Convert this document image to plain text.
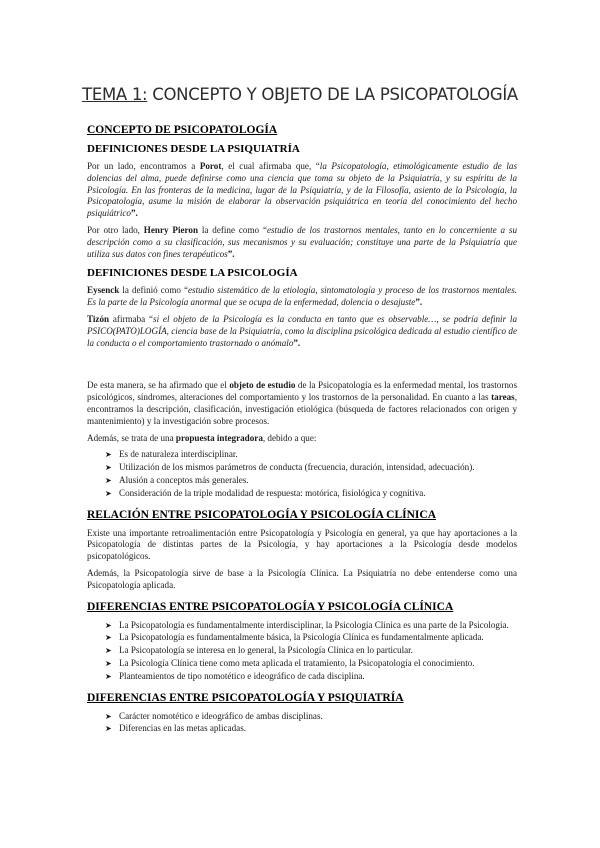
TEMA 1: CONCEPTO Y OBJETO DE LA PSICOPATOLOGÍA
CONCEPTO DE PSICOPATOLOGÍA
DEFINICIONES DESDE LA PSIQUIATRÍA

Por un lado, encontramos a Porot, el cual afirmaba que, “la Psicopatología, etimológicamente estudio de las dolencias del alma, puede definirse como una ciencia que toma su objeto de la Psiquiatría, y su espíritu de la Psicología. En las fronteras de la medicina, lugar de la Psiquiatría, y de la Filosofía, asiento de la Psicología, la Psicopatología, asume la misión de elaborar la observación psiquiátrica en teoría del conocimiento del hecho psiquiátrico”.

Por otro lado, Henry Pieron la define como “estudio de los trastornos mentales, tanto en lo concerniente a su descripción como a su clasificación, sus mecanismos y su evaluación; constituye una parte de la Psiquiatría que utiliza sus datos con fines terapéuticos”.

DEFINICIONES DESDE LA PSICOLOGÍA

Eysenck la definió como “estudio sistemático de la etiología, sintomatología y proceso de los trastornos mentales. Es la parte de la Psicología anormal que se ocupa de la enfermedad, dolencia o desajuste”.

Tizón afirmaba “si el objeto de la Psicología es la conducta en tanto que es observable…, se podría definir la PSICO(PATO)LOGÍA, ciencia base de la Psiquiatría, como la disciplina psicológica dedicada al estudio científico de la conducta o el comportamiento trastornado o anómalo”.

De esta manera, se ha afirmado que el objeto de estudio de la Psicopatología es la enfermedad mental, los trastornos psicológicos, síndromes, alteraciones del comportamiento y los trastornos de la personalidad. En cuanto a las tareas, encontramos la descripción, clasificación, investigación etiológica (búsqueda de factores relacionados con origen y mantenimiento) y la investigación sobre procesos.

Además, se trata de una propuesta integradora, debido a que:

➤ Es de naturaleza interdisciplinar.
➤ Utilización de los mismos parámetros de conducta (frecuencia, duración, intensidad, adecuación).
➤ Alusión a conceptos más generales.
➤ Consideración de la triple modalidad de respuesta: motórica, fisiológica y cognitiva.
RELACIÓN ENTRE PSICOPATOLOGÍA Y PSICOLOGÍA CLÍNICA

Existe una importante retroalimentación entre Psicopatología y Psicología en general, ya que hay aportaciones a la Psicopatología de distintas partes de la Psicología, y hay aportaciones a la Psicología desde modelos psicopatológicos.

Además, la Psicopatología sirve de base a la Psicología Clínica. La Psiquiatría no debe entenderse como una Psicopatología aplicada.

DIFERENCIAS ENTRE PSICOPATOLOGÍA Y PSICOLOGÍA CLÍNICA
➤ La Psicopatología es fundamentalmente interdisciplinar, la Psicología Clínica es una parte de la Psicología.
➤ La Psicopatología es fundamentalmente básica, la Psicología Clínica es fundamentalmente aplicada.
➤ La Psicopatología se interesa en lo general, la Psicología Clínica en lo particular.
➤ La Psicología Clínica tiene como meta aplicada el tratamiento, la Psicopatología el conocimiento.
➤ Planteamientos de tipo nomotético e ideográfico de cada disciplina.
DIFERENCIAS ENTRE PSICOPATOLOGÍA Y PSIQUIATRÍA
➤ Carácter nomotético e ideográfico de ambas disciplinas.
➤ Diferencias en las metas aplicadas.
